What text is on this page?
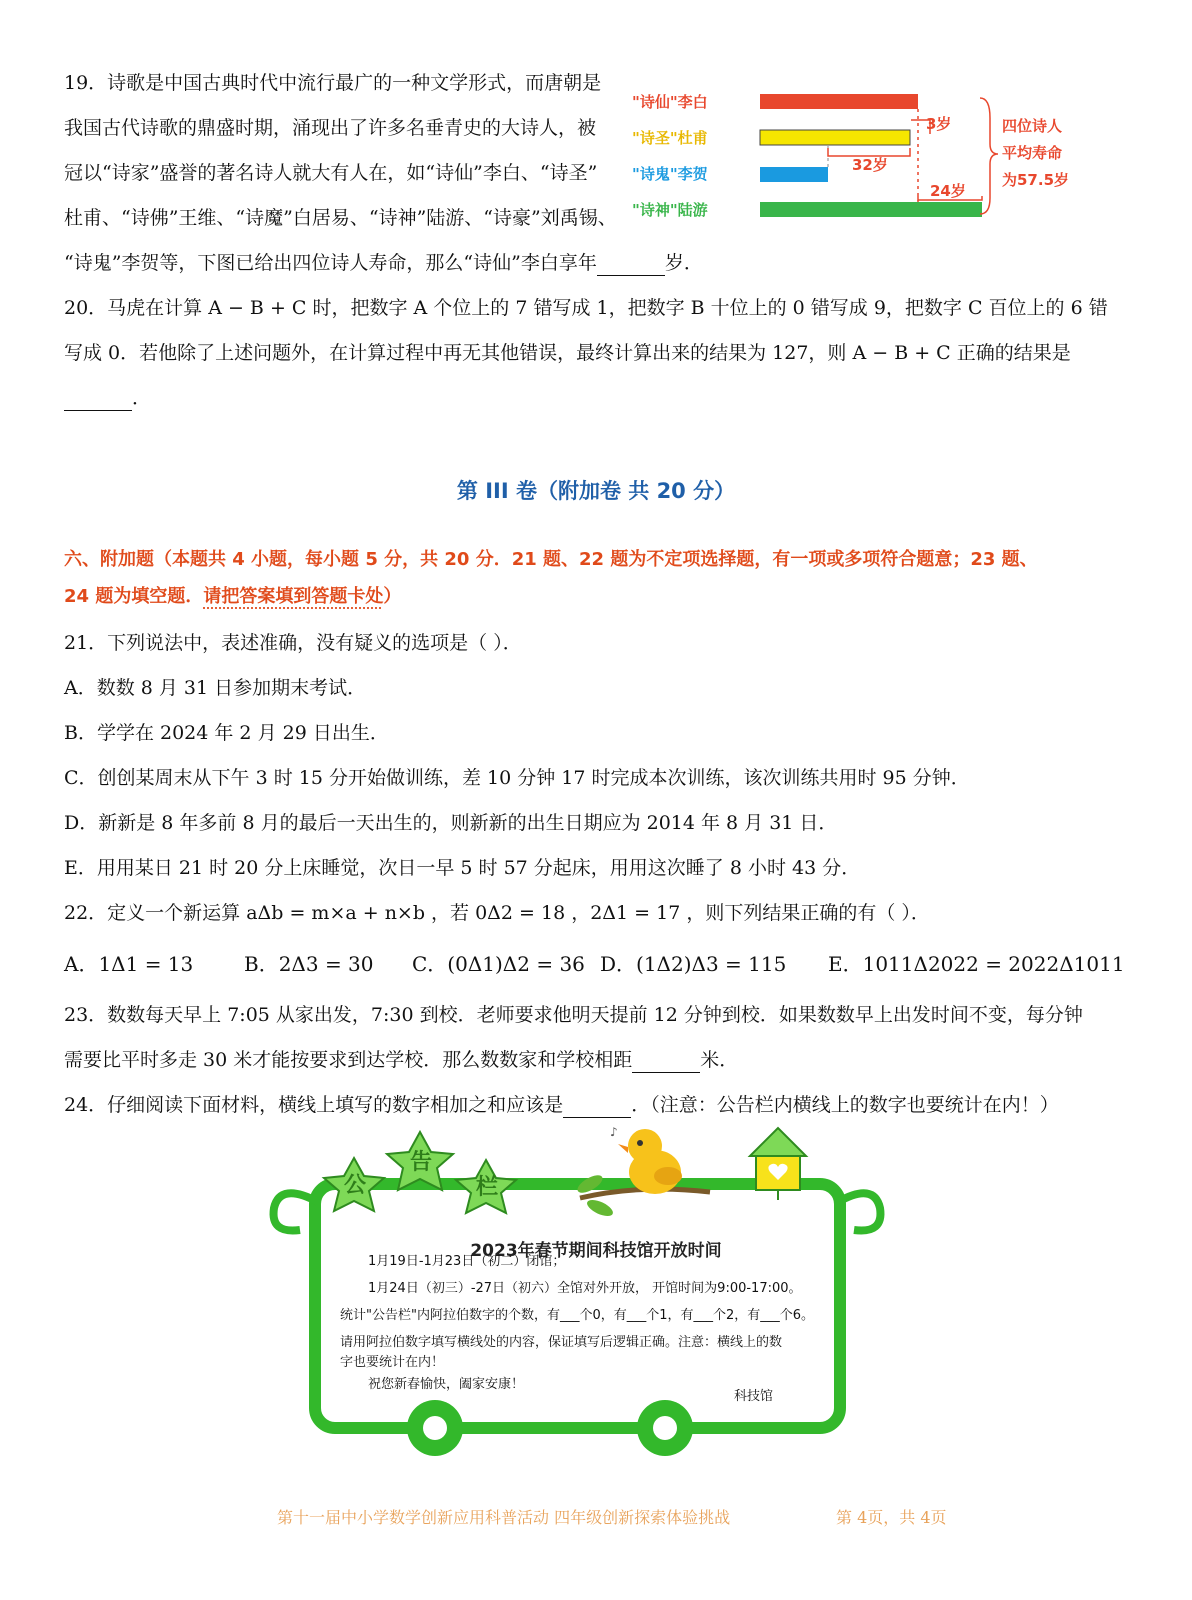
19．诗歌是中国古典时代中流行最广的一种文学形式，而唐朝是
我国古代诗歌的鼎盛时期，涌现出了许多名垂青史的大诗人，被
冠以“诗家”盛誉的著名诗人就大有人在，如“诗仙”李白、“诗圣”
杜甫、“诗佛”王维、“诗魔”白居易、“诗神”陆游、“诗豪”刘禹锡、
“诗鬼”李贺等，下图已给出四位诗人寿命，那么“诗仙”李白享年	岁．
"诗仙"李白
"诗圣"杜甫
"诗鬼"李贺
"诗神"陆游
3岁
32岁
24岁
四位诗人
平均寿命
为57.5岁
20．马虎在计算 A − B + C 时，把数字 A 个位上的 7 错写成 1，把数字 B 十位上的 0 错写成 9，把数字 C 百位上的 6 错
写成 0．若他除了上述问题外，在计算过程中再无其他错误，最终计算出来的结果为 127，则 A − B + C 正确的结果是
．
第 III 卷（附加卷 共 20 分）
六、附加题（本题共 4 小题，每小题 5 分，共 20 分．21 题、22 题为不定项选择题，有一项或多项符合题意；23 题、
24 题为填空题．请把答案填到答题卡处）
21．下列说法中，表述准确，没有疑义的选项是（ ）．
A．数数 8 月 31 日参加期末考试．
B．学学在 2024 年 2 月 29 日出生．
C．创创某周末从下午 3 时 15 分开始做训练，差 10 分钟 17 时完成本次训练，该次训练共用时 95 分钟．
D．新新是 8 年多前 8 月的最后一天出生的，则新新的出生日期应为 2014 年 8 月 31 日．
E．用用某日 21 时 20 分上床睡觉，次日一早 5 时 57 分起床，用用这次睡了 8 小时 43 分．
22．定义一个新运算 aΔb = m×a + n×b ，若 0Δ2 = 18 ，2Δ1 = 17 ，则下列结果正确的有（ ）．
A．1Δ1 = 13	B．2Δ3 = 30 C．(0Δ1)Δ2 = 36 D．(1Δ2)Δ3 = 115 E．1011Δ2022 = 2022Δ1011
23．数数每天早上 7:05 从家出发，7:30 到校．老师要求他明天提前 12 分钟到校．如果数数早上出发时间不变，每分钟
需要比平时多走 30 米才能按要求到达学校．那么数数家和学校相距	米．
24．仔细阅读下面材料，横线上填写的数字相加之和应该是	．（注意：公告栏内横线上的数字也要统计在内！）
公
告
栏
♪
2023年春节期间科技馆开放时间
1月19日-1月23日（初二）闭馆；
1月24日（初三）-27日（初六）全馆对外开放， 开馆时间为9:00-17:00。
统计"公告栏"内阿拉伯数字的个数，有___个0，有___个1，有___个2，有___个6。
请用阿拉伯数字填写横线处的内容，保证填写后逻辑正确。注意：横线上的数
字也要统计在内！
祝您新春愉快，阖家安康！
科技馆
第十一届中小学数学创新应用科普活动 四年级创新探索体验挑战	第 4页，共 4页
